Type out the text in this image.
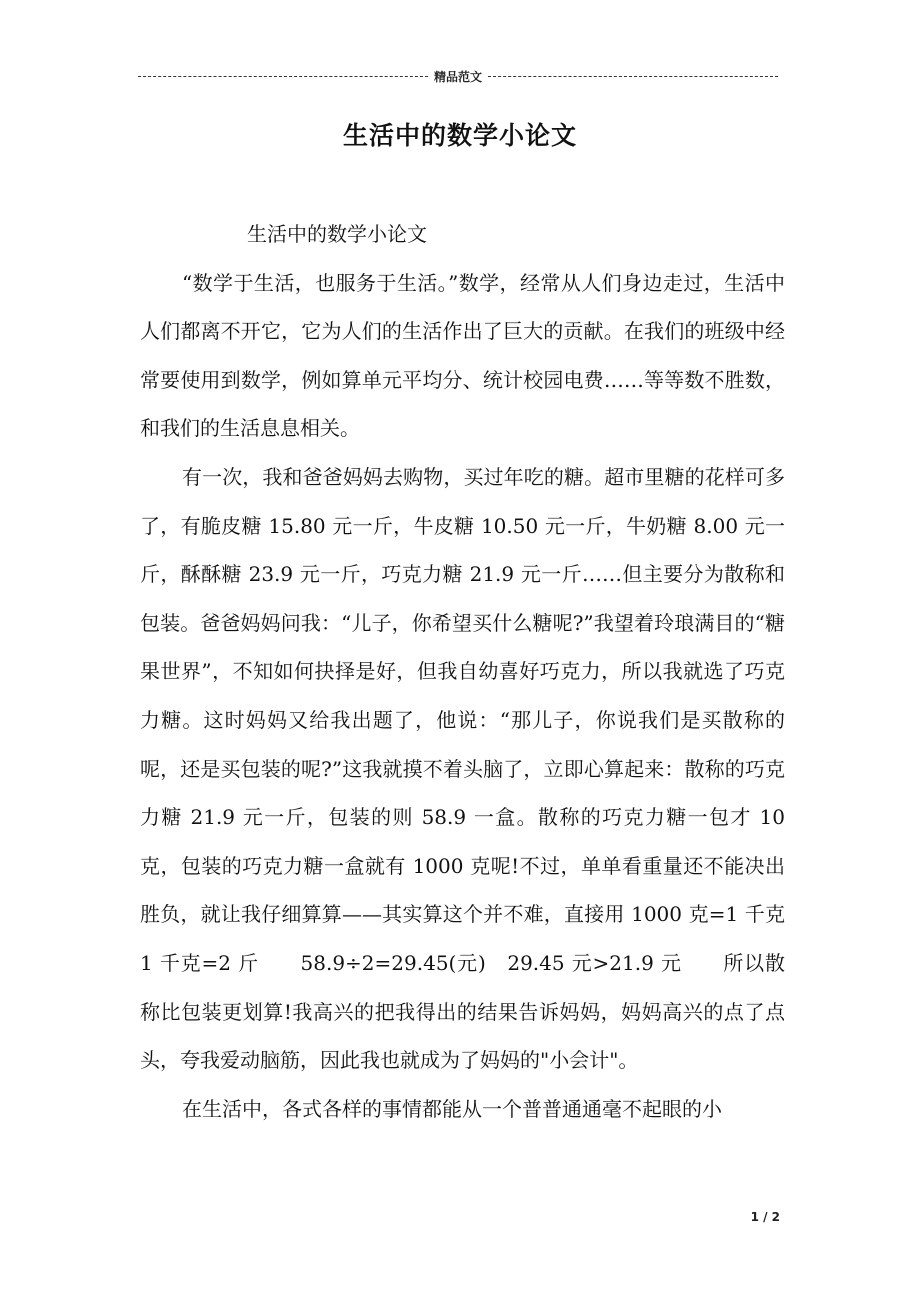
精品范文
生活中的数学小论文

生活中的数学小论文

“数学于生活，也服务于生活。”数学，经常从人们身边走过，生活中人们都离不开它，它为人们的生活作出了巨大的贡献。在我们的班级中经常要使用到数学，例如算单元平均分、统计校园电费……等等数不胜数，和我们的生活息息相关。

有一次，我和爸爸妈妈去购物，买过年吃的糖。超市里糖的花样可多了，有脆皮糖 15.80 元一斤，牛皮糖 10.50 元一斤，牛奶糖 8.00 元一斤，酥酥糖 23.9 元一斤，巧克力糖 21.9 元一斤……但主要分为散称和包装。爸爸妈妈问我：“儿子，你希望买什么糖呢?”我望着玲琅满目的“糖果世界”，不知如何抉择是好，但我自幼喜好巧克力，所以我就选了巧克力糖。这时妈妈又给我出题了，他说：“那儿子，你说我们是买散称的呢，还是买包装的呢?”这我就摸不着头脑了，立即心算起来：散称的巧克力糖 21.9 元一斤，包装的则 58.9 一盒。散称的巧克力糖一包才 10 克，包装的巧克力糖一盒就有 1000 克呢!不过，单单看重量还不能决出胜负，就让我仔细算算——其实算这个并不难，直接用 1000 克=1 千克　　　　1 千克=2 斤　　58.9÷2=29.45(元)　29.45 元>21.9 元　　所以散称比包装更划算!我高兴的把我得出的结果告诉妈妈，妈妈高兴的点了点头，夸我爱动脑筋，因此我也就成为了妈妈的"小会计"。

在生活中，各式各样的事情都能从一个普普通通毫不起眼的小

1 / 2
